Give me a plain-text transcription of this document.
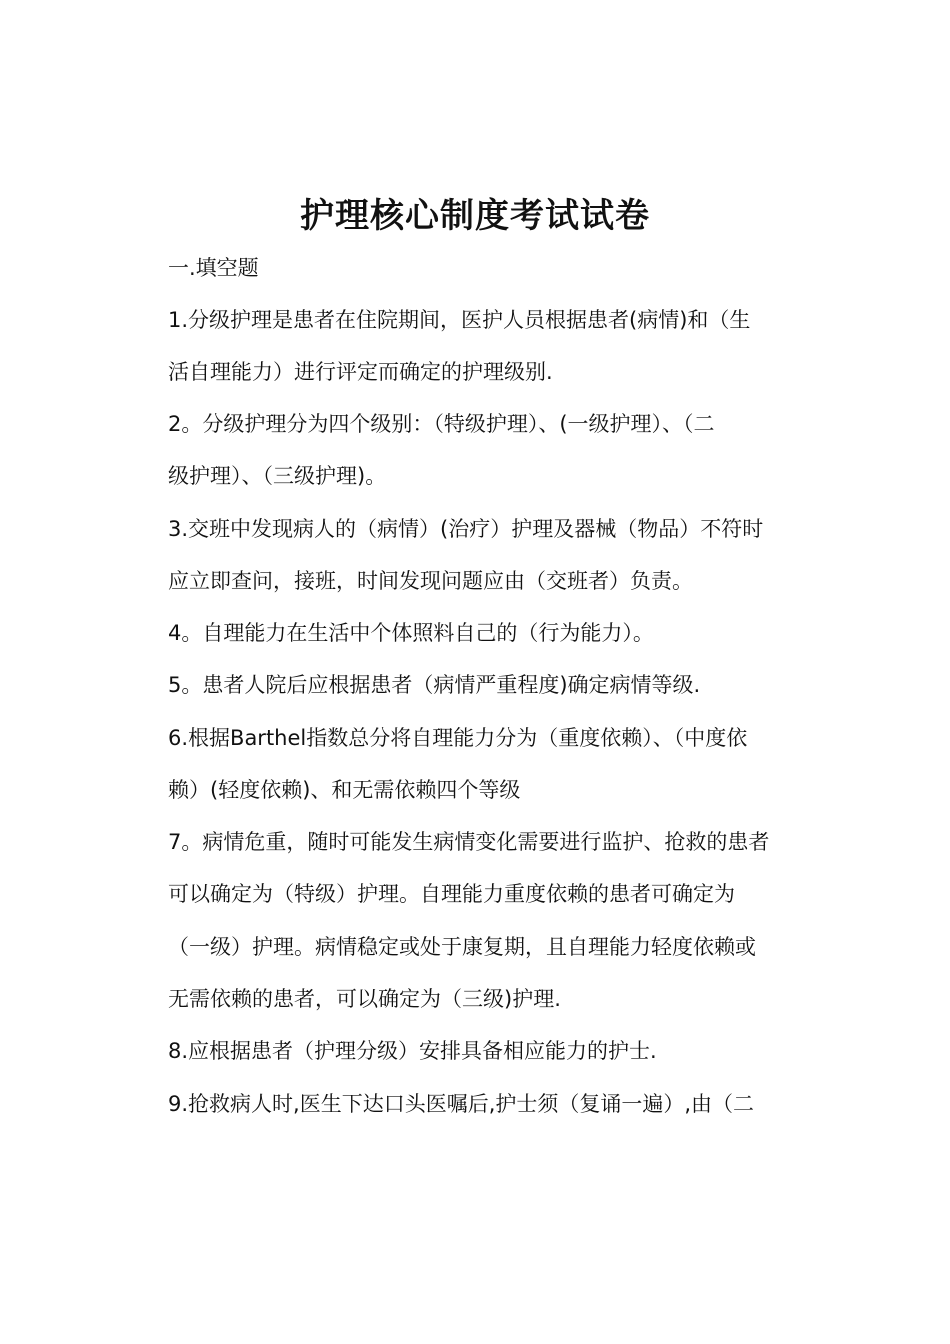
护理核心制度考试试卷
一.填空题
1.分级护理是患者在住院期间，医护人员根据患者(病情)和（生
活自理能力）进行评定而确定的护理级别.
2。分级护理分为四个级别：（特级护理）、(一级护理）、（二
级护理）、（三级护理)。
3.交班中发现病人的（病情）(治疗）护理及器械（物品）不符时
应立即查问，接班，时间发现问题应由（交班者）负责。
4。自理能力在生活中个体照料自己的（行为能力）。
5。患者人院后应根据患者（病情严重程度)确定病情等级.
6.根据Barthel指数总分将自理能力分为（重度依赖）、（中度依
赖）(轻度依赖)、和无需依赖四个等级
7。病情危重，随时可能发生病情变化需要进行监护、抢救的患者
可以确定为（特级）护理。自理能力重度依赖的患者可确定为
（一级）护理。病情稳定或处于康复期，且自理能力轻度依赖或
无需依赖的患者，可以确定为（三级)护理.
8.应根据患者（护理分级）安排具备相应能力的护士.
9.抢救病人时,医生下达口头医嘱后,护士须（复诵一遍）,由（二
